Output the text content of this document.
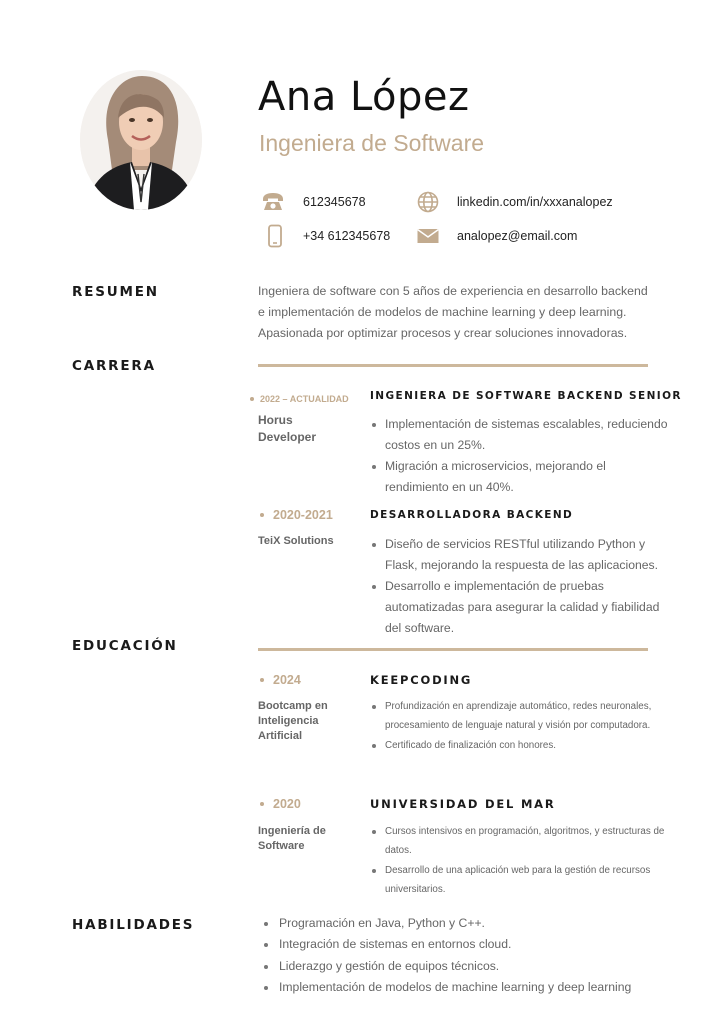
Ana López
Ingeniera de Software
612345678	linkedin.com/in/xxxanalopez
+34 612345678	analopez@email.com
RESUMEN	Ingeniera de software con 5 años de experiencia en desarrollo backend
e implementación de modelos de machine learning y deep learning.
Apasionada por optimizar procesos y crear soluciones innovadoras.
CARRERA
2022 – ACTUALIDAD
Horus Developer
INGENIERA DE SOFTWARE BACKEND SENIOR
Implementación de sistemas escalables, reduciendo costos en un 25%.
Migración a microservicios, mejorando el rendimiento en un 40%.
2020-2021
TeiX Solutions
DESARROLLADORA BACKEND
Diseño de servicios RESTful utilizando Python y Flask, mejorando la respuesta de las aplicaciones.
Desarrollo e implementación de pruebas automatizadas para asegurar la calidad y fiabilidad del software.
EDUCACIÓN
2024
Bootcamp en Inteligencia Artificial
KEEPCODING
Profundización en aprendizaje automático, redes neuronales, procesamiento de lenguaje natural y visión por computadora.
Certificado de finalización con honores.
2020
Ingeniería de Software
UNIVERSIDAD DEL MAR
Cursos intensivos en programación, algoritmos, y estructuras de datos.
Desarrollo de una aplicación web para la gestión de recursos universitarios.
HABILIDADES	Programación en Java, Python y C++.
Integración de sistemas en entornos cloud.
Liderazgo y gestión de equipos técnicos.
Implementación de modelos de machine learning y deep learning
